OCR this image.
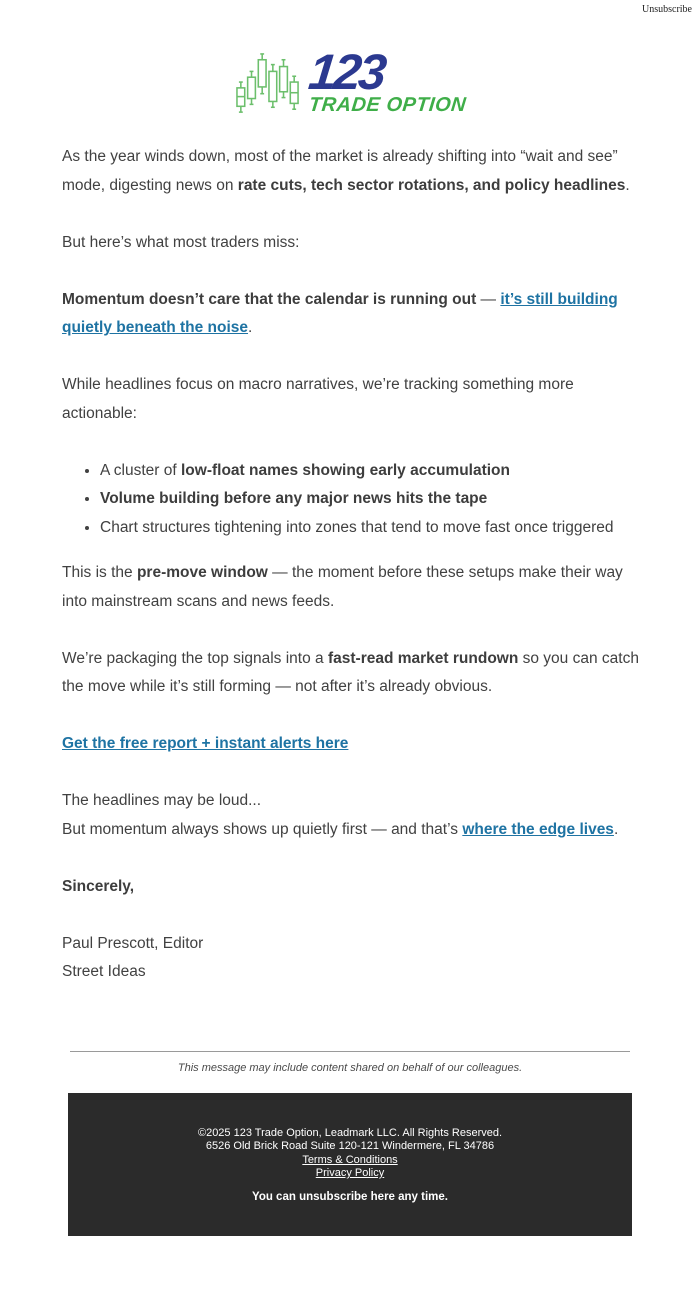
Unsubscribe
123
TRADE OPTION

As the year winds down, most of the market is already shifting into “wait and see” mode, digesting news on rate cuts, tech sector rotations, and policy headlines.

But here’s what most traders miss:

Momentum doesn’t care that the calendar is running out — it’s still building quietly beneath the noise.

While headlines focus on macro narratives, we’re tracking something more actionable:

• A cluster of low-float names showing early accumulation
• Volume building before any major news hits the tape
• Chart structures tightening into zones that tend to move fast once triggered

This is the pre-move window — the moment before these setups make their way into mainstream scans and news feeds.

We’re packaging the top signals into a fast-read market rundown so you can catch the move while it’s still forming — not after it’s already obvious.

Get the free report + instant alerts here

The headlines may be loud...
But momentum always shows up quietly first — and that’s where the edge lives.

Sincerely,

Paul Prescott, Editor
Street Ideas

This message may include content shared on behalf of our colleagues.
©2025 123 Trade Option, Leadmark LLC. All Rights Reserved.
6526 Old Brick Road Suite 120-121 Windermere, FL 34786
Terms & Conditions
Privacy Policy
You can unsubscribe here any time.
